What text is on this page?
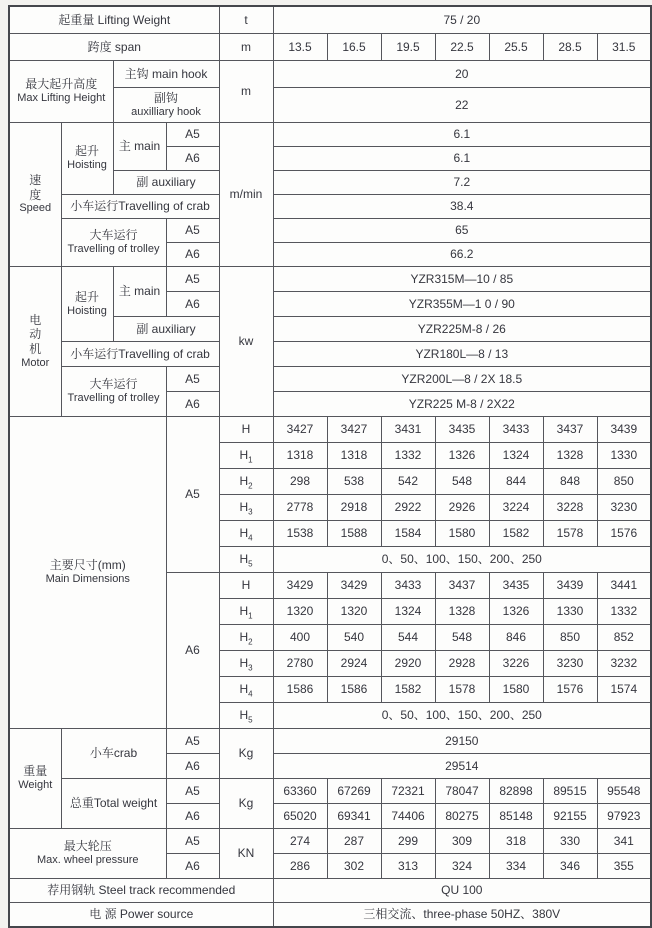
起重量 Lifting Weight				t	75 / 20						
跨度 span				m	13.5	16.5	19.5	22.5	25.5	28.5	31.5

最大起升高度
Max Lifting Height		主钩 main hook		m	20						

		副钩
auxilliary hook			22						

速
度
Speed	起升
Hoisting	主 main	A5	m/min	6.1						
			A6		6.1						
		副 auxiliary			7.2						
	小车运行Travelling of crab				38.4						

	大车运行
Travelling of trolley		A5		65						
			A6		66.2						

电
动
机
Motor	起升
Hoisting	主 main	A5	kw	YZR315M—10 / 85						
			A6		YZR355M—1 0 / 90						
		副 auxiliary			YZR225M-8 / 26						
	小车运行Travelling of crab				YZR180L—8 / 13						

	大车运行
Travelling of trolley		A5		YZR200L—8 / 2X 18.5						
			A6		YZR225 M-8 / 2X22						

主要尺寸(mm)
Main Dimensions			A5	H	3427	3427	3431	3435	3433	3437	3439
				$H_1$	1318	1318	1332	1326	1324	1328	1330
				$H_2$	298	538	542	548	844	848	850
				$H_3$	2778	2918	2922	2926	3224	3228	3230
				$H_4$	1538	1588	1584	1580	1582	1578	1576
				$H_5$	0、50、100、150、200、250						
			A6	H	3429	3429	3433	3437	3435	3439	3441
				$H_1$	1320	1320	1324	1328	1326	1330	1332
				$H_2$	400	540	544	548	846	850	852
				$H_3$	2780	2924	2920	2928	3226	3230	3232
				$H_4$	1586	1586	1582	1578	1580	1576	1574
				$H_5$	0、50、100、150、200、250						

重量
Weight	小车crab		A5	Kg	29150						
			A6		29514						
	总重Total weight		A5	Kg	63360	67269	72321	78047	82898	89515	95548
			A6		65020	69341	74406	80275	85148	92155	97923

最大轮压
Max. wheel pressure			A5	KN	274	287	299	309	318	330	341
			A6		286	302	313	324	334	346	355
荐用钢轨 Steel track recommended					QU 100						
电 源 Power source					三相交流、three-phase 50HZ、380V						
